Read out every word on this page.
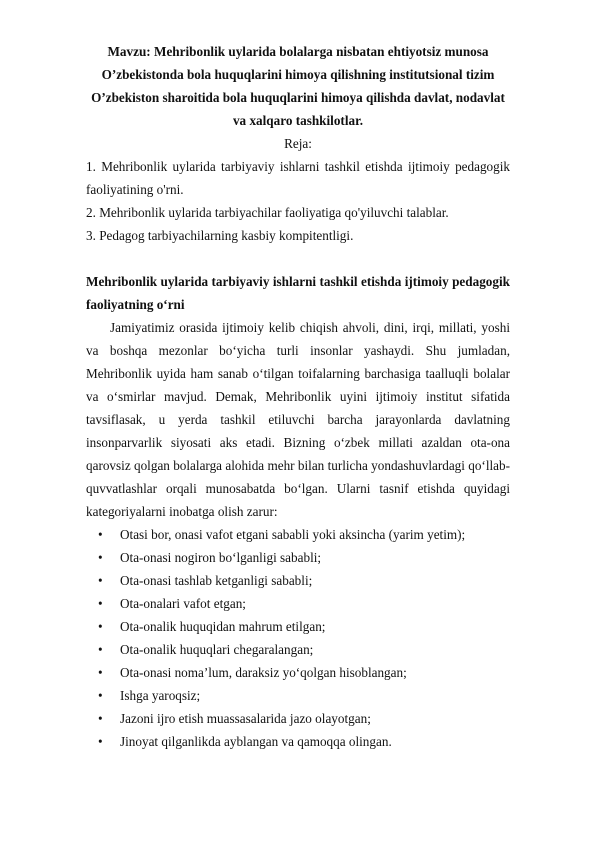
Mavzu: Mehribonlik uylarida bolalarga nisbatan ehtiyotsiz munosa
O’zbekistonda bola huquqlarini himoya qilishning institutsional tizim
O’zbekiston sharoitida bola huquqlarini himoya qilishda davlat, nodavlat va xalqaro tashkilotlar.
Reja:

1. Mehribonlik uylarida tarbiyaviy ishlarni tashkil etishda ijtimoiy pedagogik faoliyatining o'rni.

2. Mehribonlik uylarida tarbiyachilar faoliyatiga qo'yiluvchi talablar.

3. Pedagog tarbiyachilarning kasbiy kompitentligi.

Mehribonlik uylarida tarbiyaviy ishlarni tashkil etishda ijtimoiy pedagogik faoliyatning o‘rni

Jamiyatimiz orasida ijtimoiy kelib chiqish ahvoli, dini, irqi, millati, yoshi va boshqa mezonlar bo‘yicha turli insonlar yashaydi. Shu jumladan, Mehribonlik uyida ham sanab o‘tilgan toifalarning barchasiga taalluqli bolalar va o‘smirlar mavjud. Demak, Mehribonlik uyini ijtimoiy institut sifatida tavsiflasak, u yerda tashkil etiluvchi barcha jarayonlarda davlatning insonparvarlik siyosati aks etadi. Bizning o‘zbek millati azaldan ota-ona qarovsiz qolgan bolalarga alohida mehr bilan turlicha yondashuvlardagi qo‘llab-quvvatlashlar orqali munosabatda bo‘lgan. Ularni tasnif etishda quyidagi kategoriyalarni inobatga olish zarur:

• Otasi bor, onasi vafot etgani sababli yoki aksincha (yarim yetim);
• Ota-onasi nogiron bo‘lganligi sababli;
• Ota-onasi tashlab ketganligi sababli;
• Ota-onalari vafot etgan;
• Ota-onalik huquqidan mahrum etilgan;
• Ota-onalik huquqlari chegaralangan;
• Ota-onasi noma’lum, daraksiz yo‘qolgan hisoblangan;
• Ishga yaroqsiz;
• Jazoni ijro etish muassasalarida jazo olayotgan;
• Jinoyat qilganlikda ayblangan va qamoqqa olingan.
